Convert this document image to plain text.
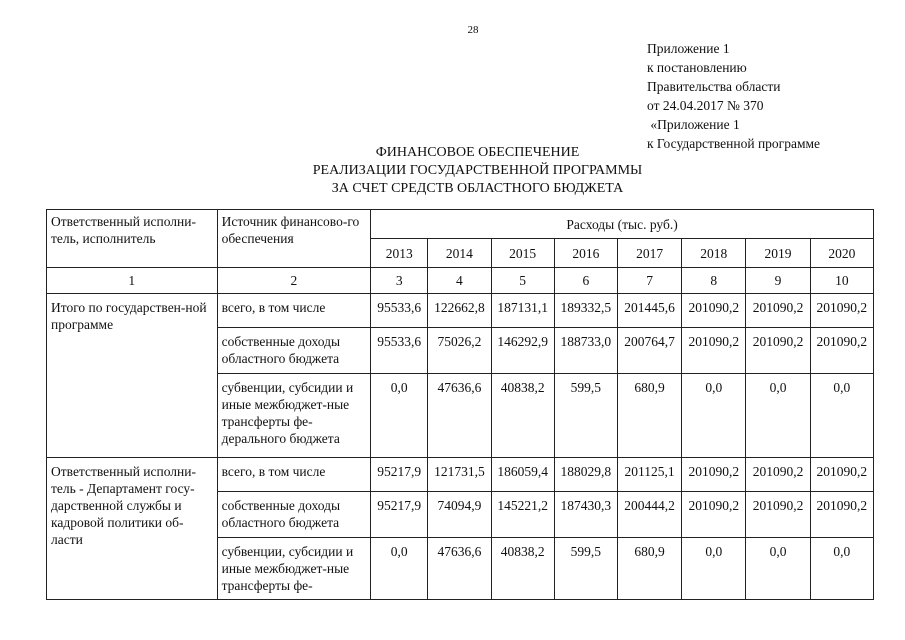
28
Приложение 1
к постановлению
Правительства области
от 24.04.2017 № 370
«Приложение 1
к Государственной программе
ФИНАНСОВОЕ ОБЕСПЕЧЕНИЕ
РЕАЛИЗАЦИИ ГОСУДАРСТВЕННОЙ ПРОГРАММЫ
ЗА СЧЕТ СРЕДСТВ ОБЛАСТНОГО БЮДЖЕТА
Ответственный исполни-тель, исполнитель	Источник финансово-го обеспечения	Расходы (тыс. руб.)							
		2013	2014	2015	2016	2017	2018	2019	2020
1	2	3	4	5	6	7	8	9	10
Итого по государствен-ной программе	всего, в том числе	95533,6	122662,8	187131,1	189332,5	201445,6	201090,2	201090,2	201090,2
	собственные доходы областного бюджета	95533,6	75026,2	146292,9	188733,0	200764,7	201090,2	201090,2	201090,2
	субвенции, субсидии и иные межбюджет-ные трансферты фе-дерального бюджета	0,0	47636,6	40838,2	599,5	680,9	0,0	0,0	0,0
Ответственный исполни-тель - Департамент госу-дарственной службы и кадровой политики об-ласти	всего, в том числе	95217,9	121731,5	186059,4	188029,8	201125,1	201090,2	201090,2	201090,2
	собственные доходы областного бюджета	95217,9	74094,9	145221,2	187430,3	200444,2	201090,2	201090,2	201090,2
	субвенции, субсидии и иные межбюджет-ные трансферты фе-	0,0	47636,6	40838,2	599,5	680,9	0,0	0,0	0,0
